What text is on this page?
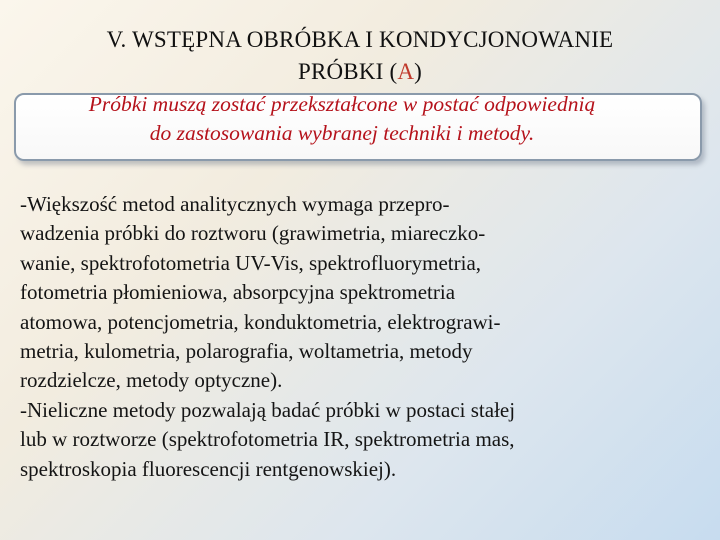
V. WSTĘPNA OBRÓBKA I KONDYCJONOWANIE
PRÓBKI (A)
Próbki muszą zostać przekształcone w postać odpowiednią
do zastosowania wybranej techniki i metody.
-Większość metod analitycznych wymaga przepro-
wadzenia próbki do roztworu (grawimetria, miareczko-
wanie, spektrofotometria UV-Vis, spektrofluorymetria,
fotometria płomieniowa, absorpcyjna spektrometria
atomowa, potencjometria, konduktometria, elektrograwi-
metria, kulometria, polarografia, woltametria, metody
rozdzielcze, metody optyczne).
-Nieliczne metody pozwalają badać próbki w postaci stałej
lub w roztworze (spektrofotometria IR, spektrometria mas,
spektroskopia fluorescencji rentgenowskiej).
